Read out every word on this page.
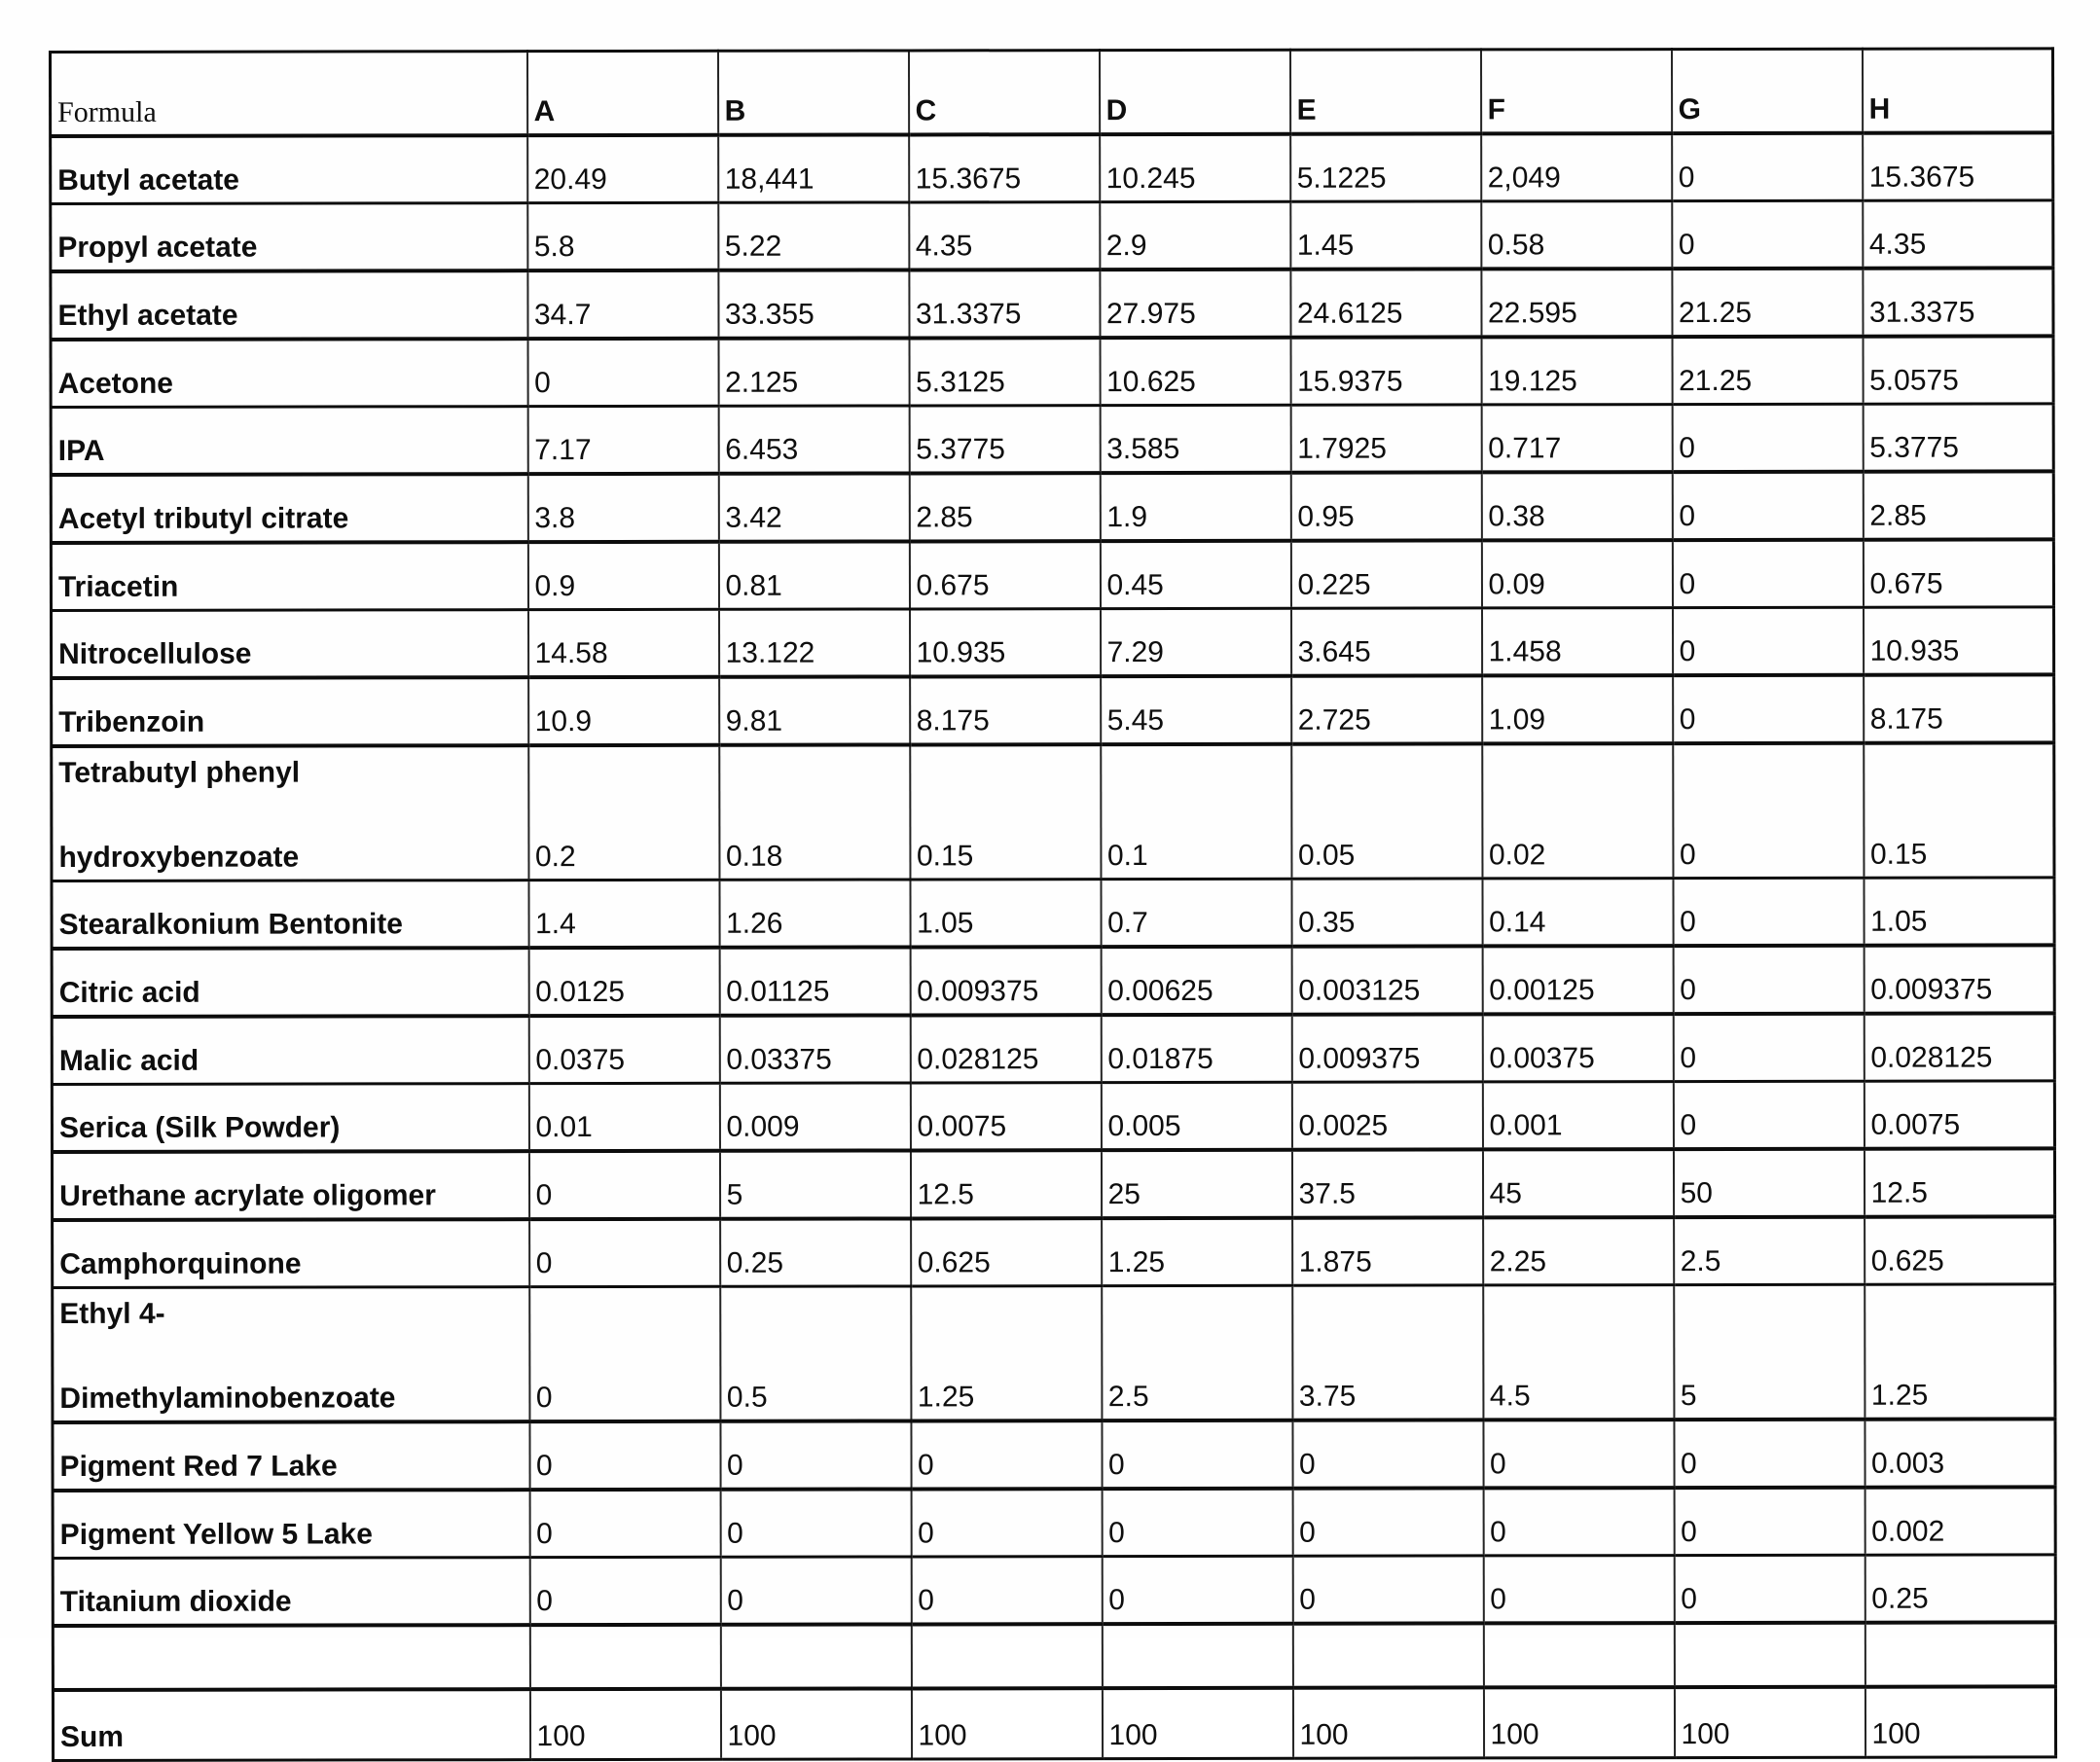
Formula	A	B	C	D	E	F	G	H
Butyl acetate	20.49	18,441	15.3675	10.245	5.1225	2,049	0	15.3675
Propyl acetate	5.8	5.22	4.35	2.9	1.45	0.58	0	4.35
Ethyl acetate	34.7	33.355	31.3375	27.975	24.6125	22.595	21.25	31.3375
Acetone	0	2.125	5.3125	10.625	15.9375	19.125	21.25	5.0575
IPA	7.17	6.453	5.3775	3.585	1.7925	0.717	0	5.3775
Acetyl tributyl citrate	3.8	3.42	2.85	1.9	0.95	0.38	0	2.85
Triacetin	0.9	0.81	0.675	0.45	0.225	0.09	0	0.675
Nitrocellulose	14.58	13.122	10.935	7.29	3.645	1.458	0	10.935
Tribenzoin	10.9	9.81	8.175	5.45	2.725	1.09	0	8.175

Tetrabutyl phenyl
hydroxybenzoate	0.2	0.18	0.15	0.1	0.05	0.02	0	0.15
Stearalkonium Bentonite	1.4	1.26	1.05	0.7	0.35	0.14	0	1.05
Citric acid	0.0125	0.01125	0.009375	0.00625	0.003125	0.00125	0	0.009375
Malic acid	0.0375	0.03375	0.028125	0.01875	0.009375	0.00375	0	0.028125
Serica (Silk Powder)	0.01	0.009	0.0075	0.005	0.0025	0.001	0	0.0075
Urethane acrylate oligomer	0	5	12.5	25	37.5	45	50	12.5
Camphorquinone	0	0.25	0.625	1.25	1.875	2.25	2.5	0.625

Ethyl 4-
Dimethylaminobenzoate	0	0.5	1.25	2.5	3.75	4.5	5	1.25
Pigment Red 7 Lake	0	0	0	0	0	0	0	0.003
Pigment Yellow 5 Lake	0	0	0	0	0	0	0	0.002
Titanium dioxide	0	0	0	0	0	0	0	0.25

Sum	100	100	100	100	100	100	100	100
